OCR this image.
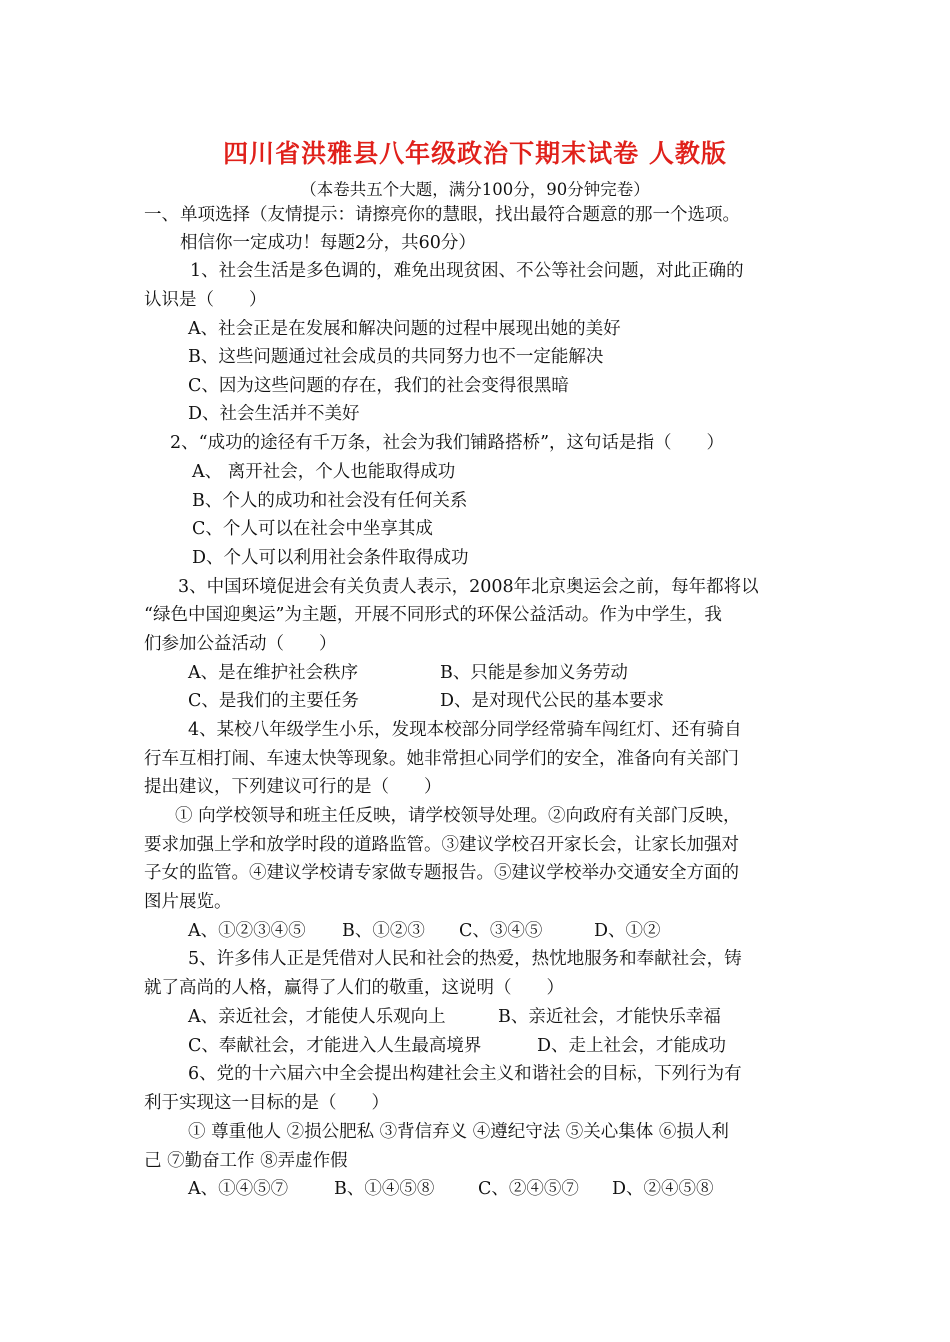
四川省洪雅县八年级政治下期末试卷 人教版
（本卷共五个大题，满分100分，90分钟完卷）
一、 单项选择（友情提示：请擦亮你的慧眼，找出最符合题意的那一个选项。
相信你一定成功！每题2分，共60分）
1、社会生活是多色调的，难免出现贫困、不公等社会问题，对此正确的
认识是（　　）
A、社会正是在发展和解决问题的过程中展现出她的美好
B、这些问题通过社会成员的共同努力也不一定能解决
C、因为这些问题的存在，我们的社会变得很黑暗
D、社会生活并不美好
2、“成功的途径有千万条，社会为我们铺路搭桥”，这句话是指（　　）
A、 离开社会，个人也能取得成功
B、个人的成功和社会没有任何关系
C、个人可以在社会中坐享其成
D、个人可以利用社会条件取得成功
3、中国环境促进会有关负责人表示，2008年北京奥运会之前，每年都将以
“绿色中国迎奥运”为主题，开展不同形式的环保公益活动。作为中学生，我
们参加公益活动（　　）
A、是在维护社会秩序	B、只能是参加义务劳动
C、是我们的主要任务	D、是对现代公民的基本要求
4、某校八年级学生小乐，发现本校部分同学经常骑车闯红灯、还有骑自
行车互相打闹、车速太快等现象。她非常担心同学们的安全，准备向有关部门
提出建议，下列建议可行的是（　　）
① 向学校领导和班主任反映，请学校领导处理。②向政府有关部门反映，
要求加强上学和放学时段的道路监管。③建议学校召开家长会，让家长加强对
子女的监管。④建议学校请专家做专题报告。⑤建议学校举办交通安全方面的
图片展览。
A、①②③④⑤ B、①②③ C、③④⑤	D、①②
5、许多伟人正是凭借对人民和社会的热爱，热忱地服务和奉献社会，铸
就了高尚的人格，赢得了人们的敬重，这说明（　　）
A、亲近社会，才能使人乐观向上	B、亲近社会，才能快乐幸福
C、奉献社会，才能进入人生最高境界	D、走上社会，才能成功
6、党的十六届六中全会提出构建社会主义和谐社会的目标，下列行为有
利于实现这一目标的是（　　）
① 尊重他人 ②损公肥私 ③背信弃义 ④遵纪守法 ⑤关心集体 ⑥损人利
己 ⑦勤奋工作 ⑧弄虚作假
A、①④⑤⑦	B、①④⑤⑧ C、②④⑤⑦ D、②④⑤⑧
